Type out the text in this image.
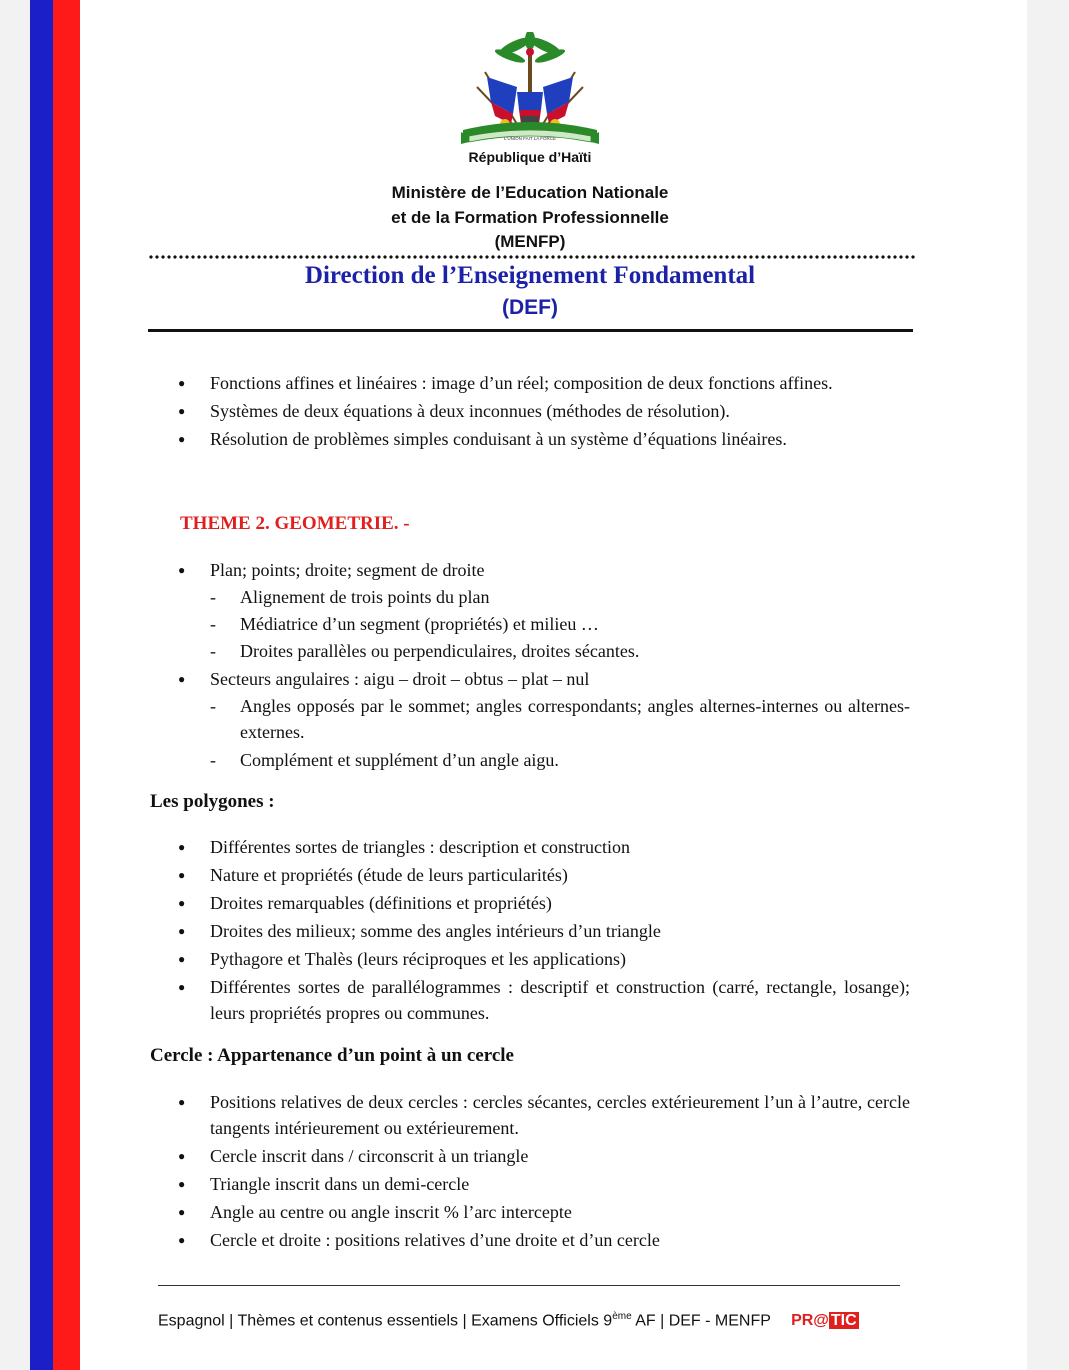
L'UNION FAIT LA FORCE
République d’Haïti
Ministère de l’Education Nationale
et de la Formation Professionnelle
(MENFP)
Direction de l’Enseignement Fondamental
(DEF)
● Fonctions affines et linéaires : image d’un réel; composition de deux fonctions affines.
● Systèmes de deux équations à deux inconnues (méthodes de résolution).
● Résolution de problèmes simples conduisant à un système d’équations linéaires.
THEME 2. GEOMETRIE. -
● Plan; points; droite; segment de droite
- Alignement de trois points du plan
- Médiatrice d’un segment (propriétés) et milieu …
- Droites parallèles ou perpendiculaires, droites sécantes.
● Secteurs angulaires : aigu – droit – obtus – plat – nul
- Angles opposés par le sommet; angles correspondants; angles alternes-internes ou alternes-externes.
- Complément et supplément d’un angle aigu.
Les polygones :
● Différentes sortes de triangles : description et construction
● Nature et propriétés (étude de leurs particularités)
● Droites remarquables (définitions et propriétés)
● Droites des milieux; somme des angles intérieurs d’un triangle
● Pythagore et Thalès (leurs réciproques et les applications)
● Différentes sortes de parallélogrammes : descriptif et construction (carré, rectangle, losange); leurs propriétés propres ou communes.
Cercle : Appartenance d’un point à un cercle
● Positions relatives de deux cercles : cercles sécantes, cercles extérieurement l’un à l’autre, cercle tangents intérieurement ou extérieurement.
● Cercle inscrit dans / circonscrit à un triangle
● Triangle inscrit dans un demi-cercle
● Angle au centre ou angle inscrit % l’arc intercepte
● Cercle et droite : positions relatives d’une droite et d’un cercle
Espagnol | Thèmes et contenus essentiels | Examens Officiels 9ème AF | DEF - MENFP PR@ TIC
